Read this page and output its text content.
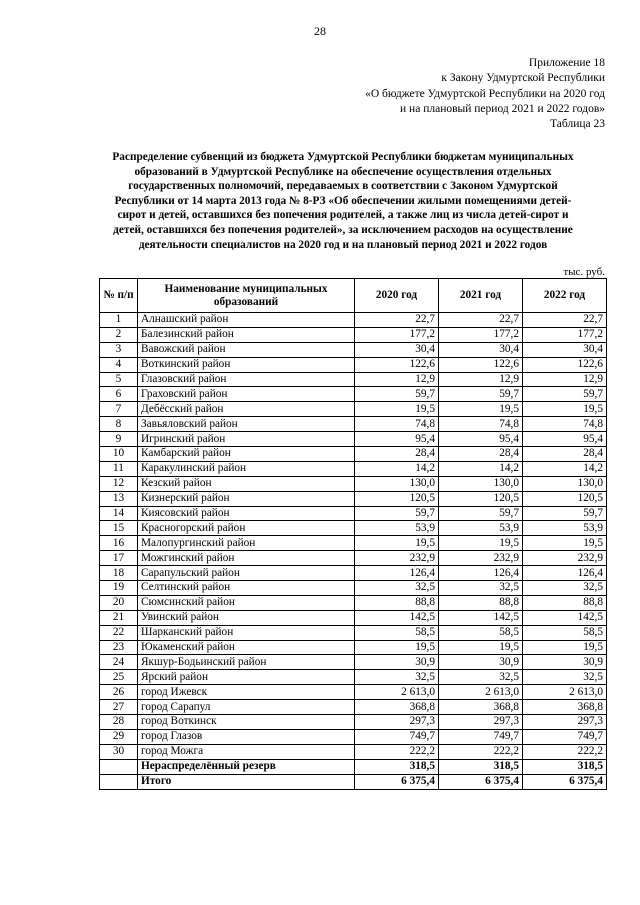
28
Приложение 18
к Закону Удмуртской Республики
«О бюджете Удмуртской Республики на 2020 год
и на плановый период 2021 и 2022 годов»
Таблица 23
Распределение субвенций из бюджета Удмуртской Республики бюджетам муниципальных образований в Удмуртской Республике на обеспечение осуществления отдельных государственных полномочий, передаваемых в соответствии с Законом Удмуртской Республики от 14 марта 2013 года № 8-РЗ «Об обеспечении жилыми помещениями детей-сирот и детей, оставшихся без попечения родителей, а также лиц из числа детей-сирот и детей, оставшихся без попечения родителей», за исключением расходов на осуществление деятельности специалистов на 2020 год и на плановый период 2021 и 2022 годов
тыс. руб.
№ п/п	Наименование муниципальных образований	2020 год	2021 год	2022 год
1	Алнашский район	22,7	22,7	22,7
2	Балезинский район	177,2	177,2	177,2
3	Вавожский район	30,4	30,4	30,4
4	Воткинский район	122,6	122,6	122,6
5	Глазовский район	12,9	12,9	12,9
6	Граховский район	59,7	59,7	59,7
7	Дебёсский район	19,5	19,5	19,5
8	Завьяловский район	74,8	74,8	74,8
9	Игринский район	95,4	95,4	95,4
10	Камбарский район	28,4	28,4	28,4
11	Каракулинский район	14,2	14,2	14,2
12	Кезский район	130,0	130,0	130,0
13	Кизнерский район	120,5	120,5	120,5
14	Киясовский район	59,7	59,7	59,7
15	Красногорский район	53,9	53,9	53,9
16	Малопургинский район	19,5	19,5	19,5
17	Можгинский район	232,9	232,9	232,9
18	Сарапульский район	126,4	126,4	126,4
19	Селтинский район	32,5	32,5	32,5
20	Сюмсинский район	88,8	88,8	88,8
21	Увинский район	142,5	142,5	142,5
22	Шарканский район	58,5	58,5	58,5
23	Юкаменский район	19,5	19,5	19,5
24	Якшур-Бодьинский район	30,9	30,9	30,9
25	Ярский район	32,5	32,5	32,5
26	город Ижевск	2 613,0	2 613,0	2 613,0
27	город Сарапул	368,8	368,8	368,8
28	город Воткинск	297,3	297,3	297,3
29	город Глазов	749,7	749,7	749,7
30	город Можга	222,2	222,2	222,2
	Нераспределённый резерв	318,5	318,5	318,5
	Итого	6 375,4	6 375,4	6 375,4
